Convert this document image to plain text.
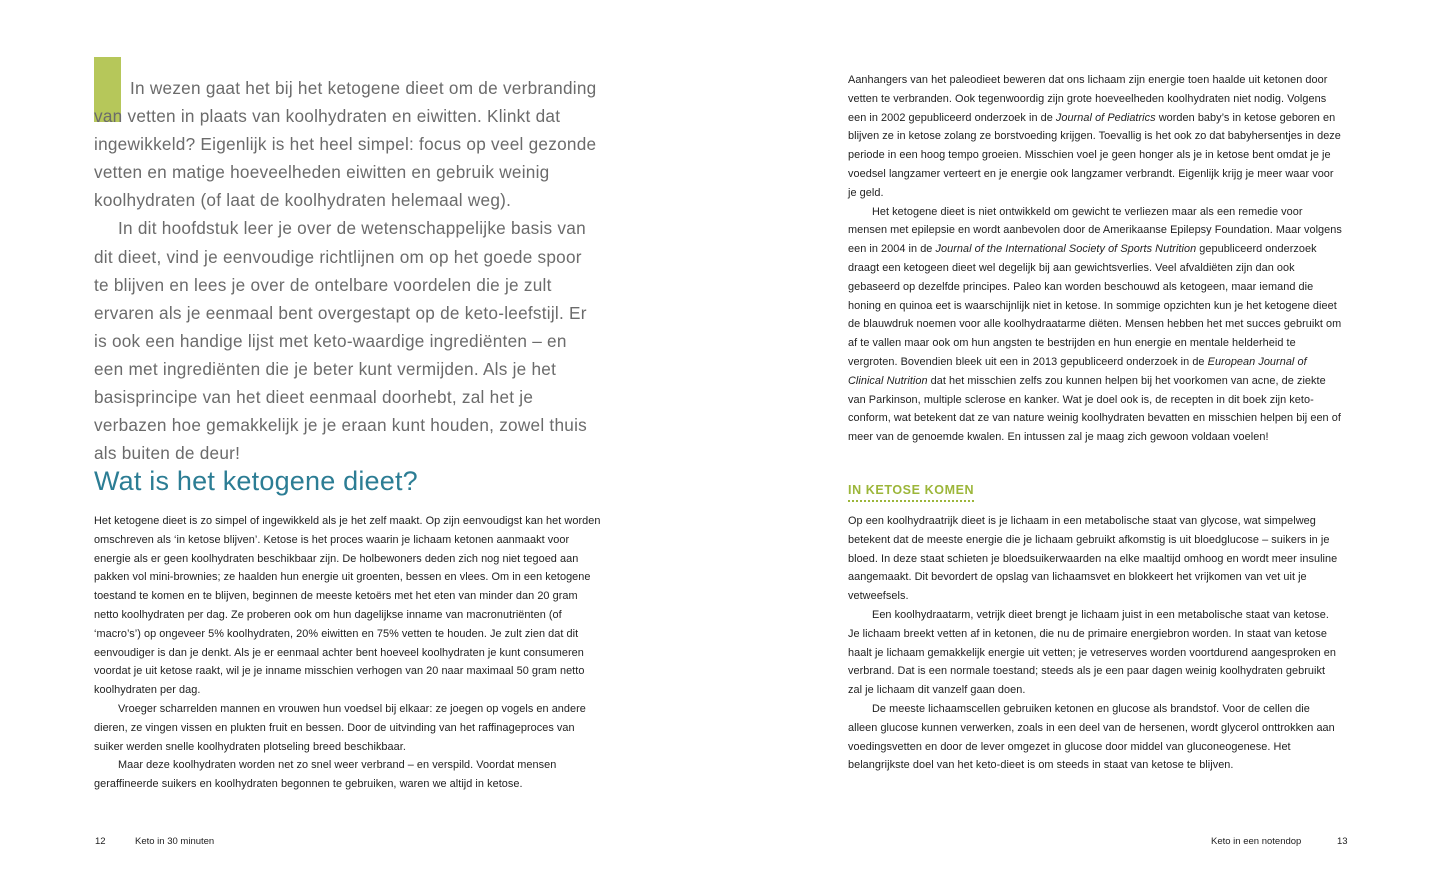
In wezen gaat het bij het ketogene dieet om de verbranding van vetten in plaats van koolhydraten en eiwitten. Klinkt dat ingewikkeld? Eigenlijk is het heel simpel: focus op veel gezonde vetten en matige hoeveelheden eiwitten en gebruik weinig koolhydraten (of laat de koolhydraten helemaal weg).

In dit hoofdstuk leer je over de wetenschappelijke basis van dit dieet, vind je eenvoudige richtlijnen om op het goede spoor te blijven en lees je over de ontelbare voordelen die je zult ervaren als je eenmaal bent overgestapt op de keto-leefstijl. Er is ook een handige lijst met keto-waardige ingrediënten – en een met ingrediënten die je beter kunt vermijden. Als je het basisprincipe van het dieet eenmaal doorhebt, zal het je verbazen hoe gemakkelijk je je eraan kunt houden, zowel thuis als buiten de deur!

Wat is het ketogene dieet?

Het ketogene dieet is zo simpel of ingewikkeld als je het zelf maakt. Op zijn eenvoudigst kan het worden omschreven als ‘in ketose blijven’. Ketose is het proces waarin je lichaam ketonen aanmaakt voor energie als er geen koolhydraten beschikbaar zijn. De holbewoners deden zich nog niet tegoed aan pakken vol mini-brownies; ze haalden hun energie uit groenten, bessen en vlees. Om in een ketogene toestand te komen en te blijven, beginnen de meeste ketoërs met het eten van minder dan 20 gram netto koolhydraten per dag. Ze proberen ook om hun dagelijkse inname van macronutriënten (of ‘macro’s’) op ongeveer 5% koolhydraten, 20% eiwitten en 75% vetten te houden. Je zult zien dat dit eenvoudiger is dan je denkt. Als je er eenmaal achter bent hoeveel koolhydraten je kunt consumeren voordat je uit ketose raakt, wil je je inname misschien verhogen van 20 naar maximaal 50 gram netto koolhydraten per dag.

Vroeger scharrelden mannen en vrouwen hun voedsel bij elkaar: ze joegen op vogels en andere dieren, ze vingen vissen en plukten fruit en bessen. Door de uitvinding van het raffinageproces van suiker werden snelle koolhydraten plotseling breed beschikbaar.

Maar deze koolhydraten worden net zo snel weer verbrand – en verspild. Voordat mensen geraffineerde suikers en koolhydraten begonnen te gebruiken, waren we altijd in ketose.

12	Keto in 30 minuten

Aanhangers van het paleodieet beweren dat ons lichaam zijn energie toen haalde uit ketonen door vetten te verbranden. Ook tegenwoordig zijn grote hoeveelheden koolhydraten niet nodig. Volgens een in 2002 gepubliceerd onderzoek in de Journal of Pediatrics worden baby’s in ketose geboren en blijven ze in ketose zolang ze borstvoeding krijgen. Toevallig is het ook zo dat babyhersentjes in deze periode in een hoog tempo groeien. Misschien voel je geen honger als je in ketose bent omdat je je voedsel langzamer verteert en je energie ook langzamer verbrandt. Eigenlijk krijg je meer waar voor je geld.

Het ketogene dieet is niet ontwikkeld om gewicht te verliezen maar als een remedie voor mensen met epilepsie en wordt aanbevolen door de Amerikaanse Epilepsy Foundation. Maar volgens een in 2004 in de Journal of the International Society of Sports Nutrition gepubliceerd onderzoek draagt een ketogeen dieet wel degelijk bij aan gewichtsverlies. Veel afvaldiëten zijn dan ook gebaseerd op dezelfde principes. Paleo kan worden beschouwd als ketogeen, maar iemand die honing en quinoa eet is waarschijnlijk niet in ketose. In sommige opzichten kun je het ketogene dieet de blauwdruk noemen voor alle koolhydraatarme diëten. Mensen hebben het met succes gebruikt om af te vallen maar ook om hun angsten te bestrijden en hun energie en mentale helderheid te vergroten. Bovendien bleek uit een in 2013 gepubliceerd onderzoek in de European Journal of Clinical Nutrition dat het misschien zelfs zou kunnen helpen bij het voorkomen van acne, de ziekte van Parkinson, multiple sclerose en kanker. Wat je doel ook is, de recepten in dit boek zijn keto-conform, wat betekent dat ze van nature weinig koolhydraten bevatten en misschien helpen bij een of meer van de genoemde kwalen. En intussen zal je maag zich gewoon voldaan voelen!

IN KETOSE KOMEN

Op een koolhydraatrijk dieet is je lichaam in een metabolische staat van glycose, wat simpelweg betekent dat de meeste energie die je lichaam gebruikt afkomstig is uit bloedglucose – suikers in je bloed. In deze staat schieten je bloedsuikerwaarden na elke maaltijd omhoog en wordt meer insuline aangemaakt. Dit bevordert de opslag van lichaamsvet en blokkeert het vrijkomen van vet uit je vetweefsels.

Een koolhydraatarm, vetrijk dieet brengt je lichaam juist in een metabolische staat van ketose. Je lichaam breekt vetten af in ketonen, die nu de primaire energiebron worden. In staat van ketose haalt je lichaam gemakkelijk energie uit vetten; je vetreserves worden voortdurend aangesproken en verbrand. Dat is een normale toestand; steeds als je een paar dagen weinig koolhydraten gebruikt zal je lichaam dit vanzelf gaan doen.

De meeste lichaamscellen gebruiken ketonen en glucose als brandstof. Voor de cellen die alleen glucose kunnen verwerken, zoals in een deel van de hersenen, wordt glycerol onttrokken aan voedingsvetten en door de lever omgezet in glucose door middel van gluconeogenese. Het belangrijkste doel van het keto-dieet is om steeds in staat van ketose te blijven.

Keto in een notendop	13
